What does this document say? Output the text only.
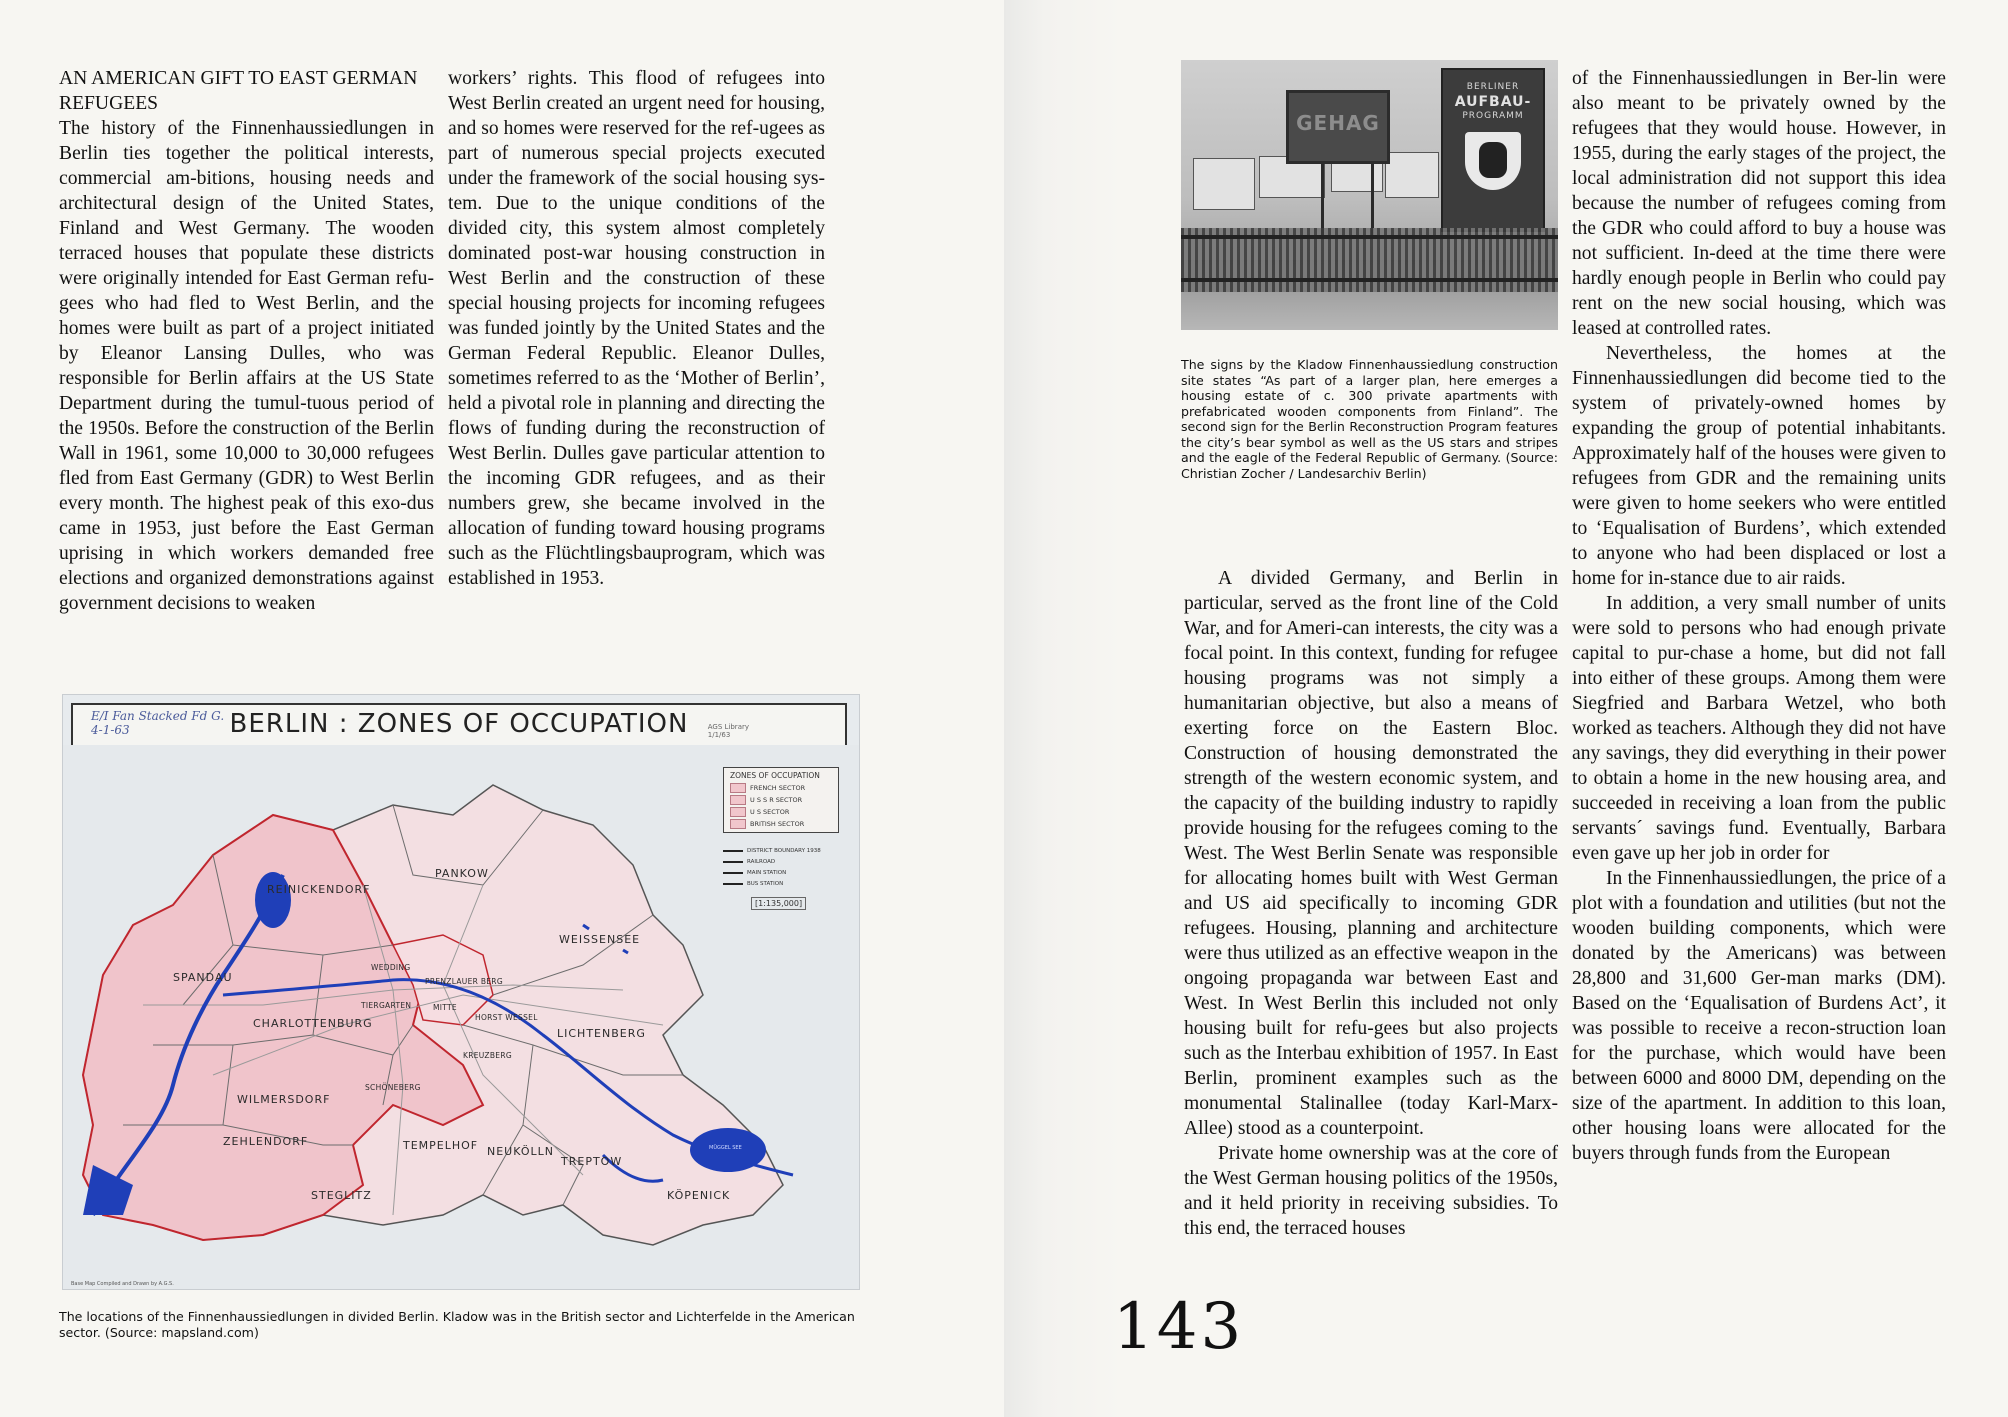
AN AMERICAN GIFT TO EAST GERMAN REFUGEES

The history of the Finnenhaussiedlungen in Berlin ties together the political interests, commercial am-bitions, housing needs and architectural design of the United States, Finland and West Germany. The wooden terraced houses that populate these districts were originally intended for East German refu-gees who had fled to West Berlin, and the homes were built as part of a project initiated by Eleanor Lansing Dulles, who was responsible for Berlin affairs at the US State Department during the tumul-tuous period of the 1950s. Before the construction of the Berlin Wall in 1961, some 10,000 to 30,000 refugees fled from East Germany (GDR) to West Berlin every month. The highest peak of this exo-dus came in 1953, just before the East German uprising in which workers demanded free elections and organized demonstrations against government decisions to weaken

workers’ rights. This flood of refugees into West Berlin created an urgent need for housing, and so homes were reserved for the ref-ugees as part of numerous special projects executed under the framework of the social housing sys-tem. Due to the unique conditions of the divided city, this system almost completely dominated post-war housing construction in West Berlin and the construction of these special housing projects for incoming refugees was funded jointly by the United States and the German Federal Republic. Eleanor Dulles, sometimes referred to as the ‘Mother of Berlin’, held a pivotal role in planning and directing the flows of funding during the reconstruction of West Berlin. Dulles gave particular attention to the incoming GDR refugees, and as their numbers grew, she became involved in the allocation of funding toward housing programs such as the Flüchtlingsbauprogram, which was established in 1953.

BERLIN : ZONES OF OCCUPATION
E/I Fan Stacked Fd G.
4-1-63	AGS Library
1/1/63
ZONES OF OCCUPATION
FRENCH SECTOR
U S S R SECTOR
U S SECTOR
BRITISH SECTOR
DISTRICT BOUNDARY 1938
RAILROAD
MAIN STATION
BUS STATION
[1:135,000]
REINICKENDORF
PANKOW
WEISSENSEE
SPANDAU
WEDDING
PRENZLAUER BERG
TIERGARTEN	MITTE
HORST WESSEL
CHARLOTTENBURG
LICHTENBERG
KREUZBERG
WILMERSDORF
SCHÖNEBERG
ZEHLENDORF	TEMPELHOF NEUKÖLLN
TREPTOW
STEGLITZ	KÖPENICK
MÜGGEL SEE
Base Map Compiled and Drawn by A.G.S.
The locations of the Finnenhaussiedlungen in divided Berlin. Kladow was in the British sector and Lichterfelde in the American sector. (Source: mapsland.com)
GEHAG
BERLINER
AUFBAU-
PROGRAMM
The signs by the Kladow Finnenhaussiedlung construction site states “As part of a larger plan, here emerges a housing estate of c. 300 private apartments with prefabricated wooden components from Finland”. The second sign for the Berlin Reconstruction Program features the city’s bear symbol as well as the US stars and stripes and the eagle of the Federal Republic of Germany. (Source: Christian Zocher / Landesarchiv Berlin)

A divided Germany, and Berlin in particular, served as the front line of the Cold War, and for Ameri-can interests, the city was a focal point. In this context, funding for refugee housing programs was not simply a humanitarian objective, but also a means of exerting force on the Eastern Bloc. Construction of housing demonstrated the strength of the western economic system, and the capacity of the building industry to rapidly provide housing for the refugees coming to the West. The West Berlin Senate was responsible for allocating homes built with West German and US aid specifically to incoming GDR refugees. Housing, planning and architecture were thus utilized as an effective weapon in the ongoing propaganda war between East and West. In West Berlin this included not only housing built for refu-gees but also projects such as the Interbau exhibition of 1957. In East Berlin, prominent examples such as the monumental Stalinallee (today Karl-Marx-Allee) stood as a counterpoint.

Private home ownership was at the core of the West German housing politics of the 1950s, and it held priority in receiving subsidies. To this end, the terraced houses

of the Finnenhaussiedlungen in Ber-lin were also meant to be privately owned by the refugees that they would house. However, in 1955, during the early stages of the project, the local administration did not support this idea because the number of refugees coming from the GDR who could afford to buy a house was not sufficient. In-deed at the time there were hardly enough people in Berlin who could pay rent on the new social housing, which was leased at controlled rates.

Nevertheless, the homes at the Finnenhaussiedlungen did become tied to the system of privately-owned homes by expanding the group of potential inhabitants. Approximately half of the houses were given to refugees from GDR and the remaining units were given to home seekers who were entitled to ‘Equalisation of Burdens’, which extended to anyone who had been displaced or lost a home for in-stance due to air raids.

In addition, a very small number of units were sold to persons who had enough private capital to pur-chase a home, but did not fall into either of these groups. Among them were Siegfried and Barbara Wetzel, who both worked as teachers. Although they did not have any savings, they did everything in their power to obtain a home in the new housing area, and succeeded in receiving a loan from the public servants´ savings fund. Eventually, Barbara even gave up her job in order for

In the Finnenhaussiedlungen, the price of a plot with a foundation and utilities (but not the wooden building components, which were donated by the Americans) was between 28,800 and 31,600 Ger-man marks (DM). Based on the ‘Equalisation of Burdens Act’, it was possible to receive a recon-struction loan for the purchase, which would have been between 6000 and 8000 DM, depending on the size of the apartment. In addition to this loan, other housing loans were allocated for the buyers through funds from the European

143
